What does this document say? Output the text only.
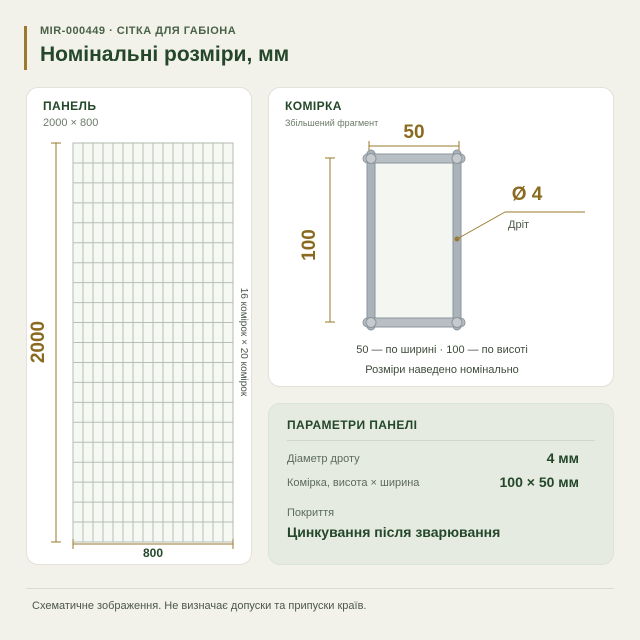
MIR-000449 · СІТКА ДЛЯ ГАБІОНА
Номінальні розміри, мм
ПАНЕЛЬ
2000 × 800
2000
800
16 комірок × 20 комірок
КОМІРКА
Збільшений фрагмент 50
100
Ø 4
Дріт
50 — по ширині · 100 — по висоті
Розміри наведено номінально
ПАРАМЕТРИ ПАНЕЛІ
Діаметр дроту	4 мм
Комірка, висота × ширина	100 × 50 мм
Покриття
Цинкування після зварювання
Схематичне зображення. Не визначає допуски та припуски країв.
